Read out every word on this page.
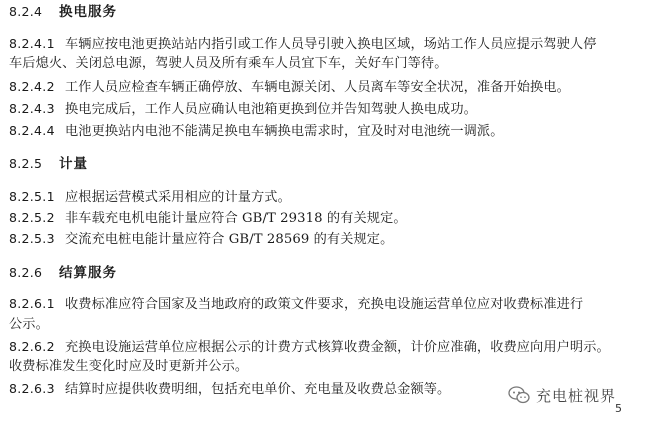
8.2.4 换电服务
8.2.4.1 车辆应按电池更换站站内指引或工作人员导引驶入换电区域，场站工作人员应提示驾驶人停
车后熄火、关闭总电源，驾驶人员及所有乘车人员宜下车，关好车门等待。
8.2.4.2 工作人员应检查车辆正确停放、车辆电源关闭、人员离车等安全状况，准备开始换电。
8.2.4.3 换电完成后，工作人员应确认电池箱更换到位并告知驾驶人换电成功。
8.2.4.4 电池更换站内电池不能满足换电车辆换电需求时，宜及时对电池统一调派。
8.2.5 计量
8.2.5.1 应根据运营模式采用相应的计量方式。
8.2.5.2 非车载充电机电能计量应符合 GB/T 29318 的有关规定。
8.2.5.3 交流充电桩电能计量应符合 GB/T 28569 的有关规定。
8.2.6 结算服务
8.2.6.1 收费标准应符合国家及当地政府的政策文件要求，充换电设施运营单位应对收费标准进行
公示。
8.2.6.2 充换电设施运营单位应根据公示的计费方式核算收费金额，计价应准确，收费应向用户明示。
收费标准发生变化时应及时更新并公示。
8.2.6.3 结算时应提供收费明细，包括充电单价、充电量及收费总金额等。	充电桩视界
5
